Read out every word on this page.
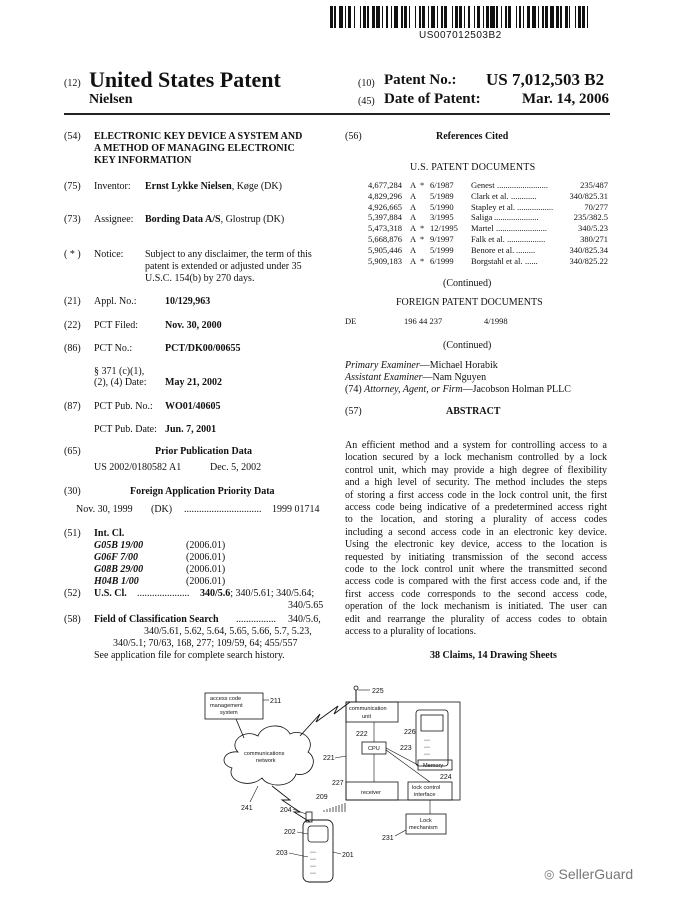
US007012503B2
(12) United States Patent
Nielsen
(10) Patent No.: US 7,012,503 B2
(45) Date of Patent:	Mar. 14, 2006
(54) ELECTRONIC KEY DEVICE A SYSTEM AND
A METHOD OF MANAGING ELECTRONIC
KEY INFORMATION
(75) Inventor: Ernst Lykke Nielsen, Køge (DK)
(73) Assignee: Bording Data A/S, Glostrup (DK)
( * ) Notice: Subject to any disclaimer, the term of this
patent is extended or adjusted under 35
U.S.C. 154(b) by 270 days.
(21) Appl. No.:	10/129,963
(22) PCT Filed:	Nov. 30, 2000
(86) PCT No.:	PCT/DK00/00655
§ 371 (c)(1),
(2), (4) Date: May 21, 2002
(87) PCT Pub. No.: WO01/40605
PCT Pub. Date: Jun. 7, 2001
(65)	Prior Publication Data
US 2002/0180582 A1	Dec. 5, 2002
(30)	Foreign Application Priority Data
Nov. 30, 1999 (DK) ............................... 1999 01714
(51) Int. Cl.
G05B 19/00	(2006.01)
G06F 7/00	(2006.01)
G08B 29/00	(2006.01)
H04B 1/00	(2006.01)
(52) U.S. Cl. ..................... 340/5.6; 340/5.61; 340/5.64;
340/5.65
(58) Field of Classification Search ................ 340/5.6,
340/5.61, 5.62, 5.64, 5.65, 5.66, 5.7, 5.23,
340/5.1; 70/63, 168, 277; 109/59, 64; 455/557
See application file for complete search history.
(56)	References Cited
U.S. PATENT DOCUMENTS
4,677,284 A * 6/1987 Genest ........................	235/487
4,829,296 A 5/1989 Clark et al. ............	340/825.31
4,926,665 A 5/1990 Stapley et al. .................	70/277
5,397,884 A 3/1995 Saliga .....................	235/382.5
5,473,318 A * 12/1995 Martel ........................	340/5.23
5,668,876 A * 9/1997 Falk et al. ..................	380/271
5,905,446 A 5/1999 Benore et al. .........	340/825.34
5,909,183 A * 6/1999 Borgstahl et al. ......	340/825.22
(Continued)
FOREIGN PATENT DOCUMENTS
DE	196 44 237	4/1998
(Continued)
Primary Examiner—Michael Horabik
Assistant Examiner—Nam Nguyen
(74) Attorney, Agent, or Firm—Jacobson Holman PLLC
(57)	ABSTRACT
An efficient method and a system for controlling access to a
location secured by a lock mechanism controlled by a lock
control unit, which may provide a high degree of flexibility
and a high level of security. The method includes the steps
of storing a first access code in the lock control unit, the first
access code being indicative of a predetermined access right
to the location, and storing a plurality of access codes
including a second access code in an electronic key device.
Using the electronic key device, access to the location is
requested by initiating transmission of the second access
code to the lock control unit where the transmitted second
access code is compared with the first access code and, if the
first access code corresponds to the second access code,
operation of the lock mechanism is initiated. The user can
edit and rearrange the plurality of access codes to obtain
access to a plurality of locations.
38 Claims, 14 Drawing Sheets
access code
management
system
211
communications
network
241
225
221
communication
unit
◦◦◦
◦◦◦
◦◦◦
226
222
CPU	223
Memory
224
227
receiver
lock control
interface
Lock
mechanism
231
209
204
◦◦◦
◦◦◦
◦◦◦
◦◦◦
202
203	201
◎ SellerGuard
